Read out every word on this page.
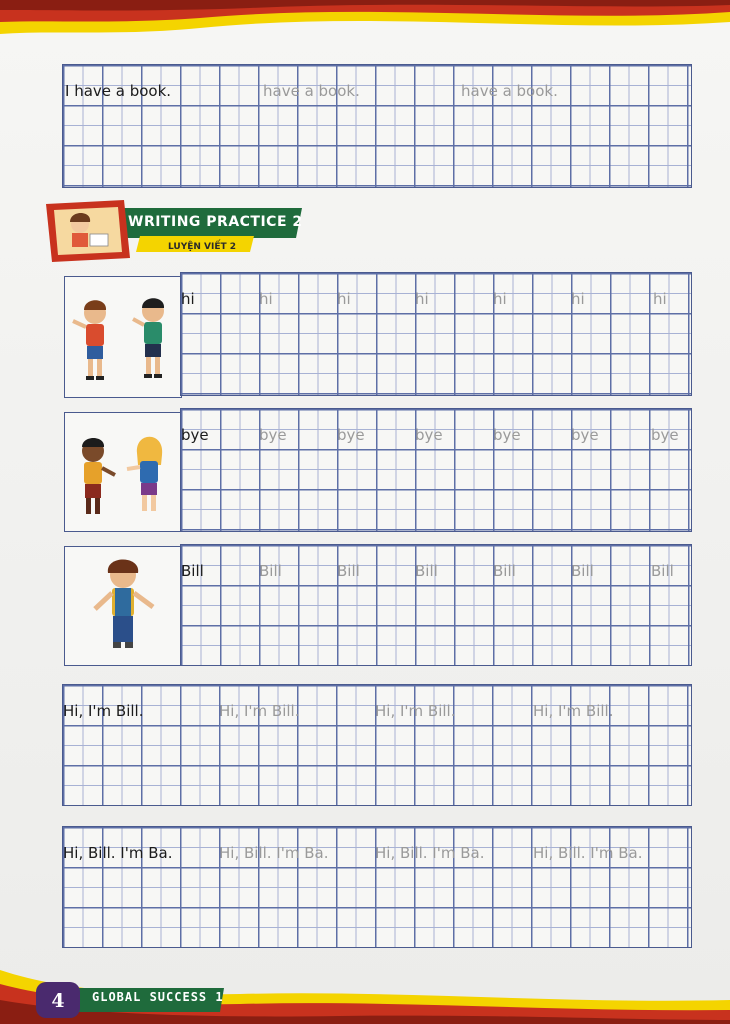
I have a book.	have a book.	have a book.
WRITING PRACTICE 2
LUYỆN VIẾT 2
hi	hi	hi	hi	hi	hi	hi
bye	bye	bye	bye	bye	bye	bye
Bill	Bill	Bill	Bill	Bill	Bill	Bill
Hi, I'm Bill.	Hi, I'm Bill.	Hi, I'm Bill.	Hi, I'm Bill.
Hi, Bill. I'm Ba.	Hi, Bill. I'm Ba.	Hi, Bill. I'm Ba.	Hi, Bill. I'm Ba.
4	GLOBAL SUCCESS 1
